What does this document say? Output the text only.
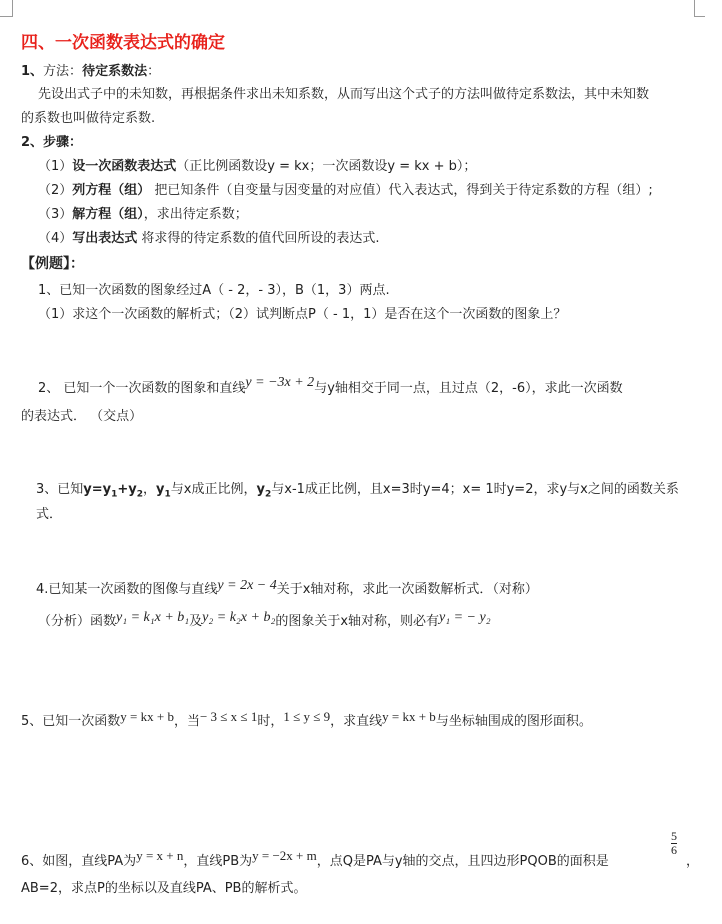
四、一次函数表达式的确定
1、方法：待定系数法：
先设出式子中的未知数，再根据条件求出未知系数，从而写出这个式子的方法叫做待定系数法，其中未知数
的系数也叫做待定系数.
2、步骤：
（1）设一次函数表达式（正比例函数设y = kx；一次函数设y = kx + b）；
（2）列方程（组） 把已知条件（自变量与因变量的对应值）代入表达式，得到关于待定系数的方程（组）;
（3）解方程（组），求出待定系数；
（4）写出表达式 将求得的待定系数的值代回所设的表达式.
【例题】：
1、已知一次函数的图象经过A（ - 2，- 3），B（1，3）两点.
（1）求这个一次函数的解析式；（2）试判断点P（ - 1，1）是否在这个一次函数的图象上？
2、 已知一个一次函数的图象和直线y = −3x + 2与y轴相交于同一点，且过点（2，-6），求此一次函数
的表达式． （交点）
3、已知$y=y_1+y_2$，$y_1$与x成正比例，$y_2$与x-1成正比例，且x=3时y=4；x= 1时y=2，求y与x之间的函数关系
式．
4.已知某一次函数的图像与直线y = 2x − 4关于x轴对称，求此一次函数解析式．（对称）
（分析）函数y₁ = k₁x + b₁及y₂ = k₂x + b₂的图象关于x轴对称，则必有y₁ = − y₂
5、已知一次函数y = kx + b，当− 3 ≤ x ≤ 1时，1 ≤ y ≤ 9，求直线y = kx + b与坐标轴围成的图形面积。
6、如图，直线PA为y = x + n，直线PB为y = −2x + m，点Q是PA与y轴的交点，且四边形PQOB的面积是
$\frac{5}{6}$
，
AB=2，求点P的坐标以及直线PA、PB的解析式。
